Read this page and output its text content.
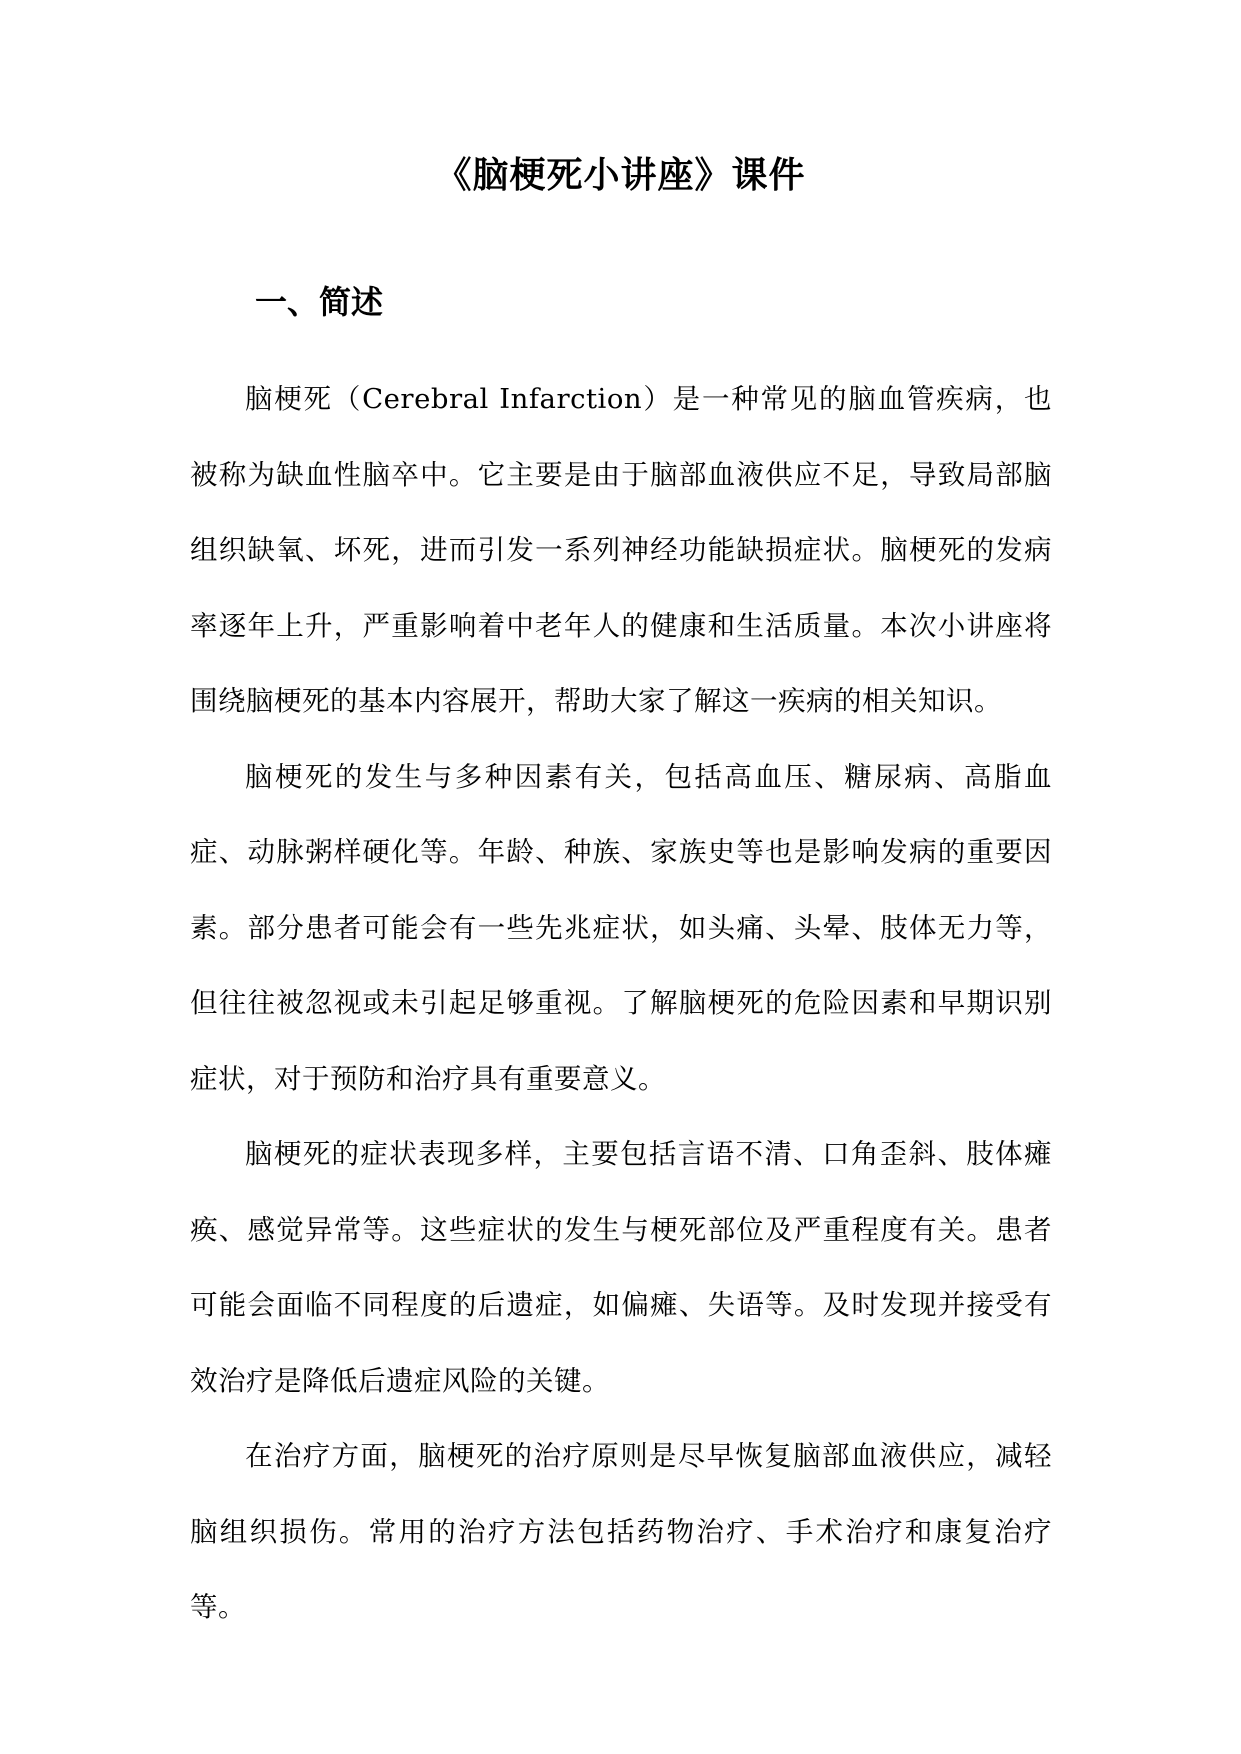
《脑梗死小讲座》课件
一、简述

脑梗死（Cerebral Infarction）是一种常见的脑血管疾病，也被称为缺血性脑卒中。它主要是由于脑部血液供应不足，导致局部脑组织缺氧、坏死，进而引发一系列神经功能缺损症状。脑梗死的发病率逐年上升，严重影响着中老年人的健康和生活质量。本次小讲座将围绕脑梗死的基本内容展开，帮助大家了解这一疾病的相关知识。

脑梗死的发生与多种因素有关，包括高血压、糖尿病、高脂血症、动脉粥样硬化等。年龄、种族、家族史等也是影响发病的重要因素。部分患者可能会有一些先兆症状，如头痛、头晕、肢体无力等，但往往被忽视或未引起足够重视。了解脑梗死的危险因素和早期识别症状，对于预防和治疗具有重要意义。

脑梗死的症状表现多样，主要包括言语不清、口角歪斜、肢体瘫痪、感觉异常等。这些症状的发生与梗死部位及严重程度有关。患者可能会面临不同程度的后遗症，如偏瘫、失语等。及时发现并接受有效治疗是降低后遗症风险的关键。

在治疗方面，脑梗死的治疗原则是尽早恢复脑部血液供应，减轻脑组织损伤。常用的治疗方法包括药物治疗、手术治疗和康复治疗等。
